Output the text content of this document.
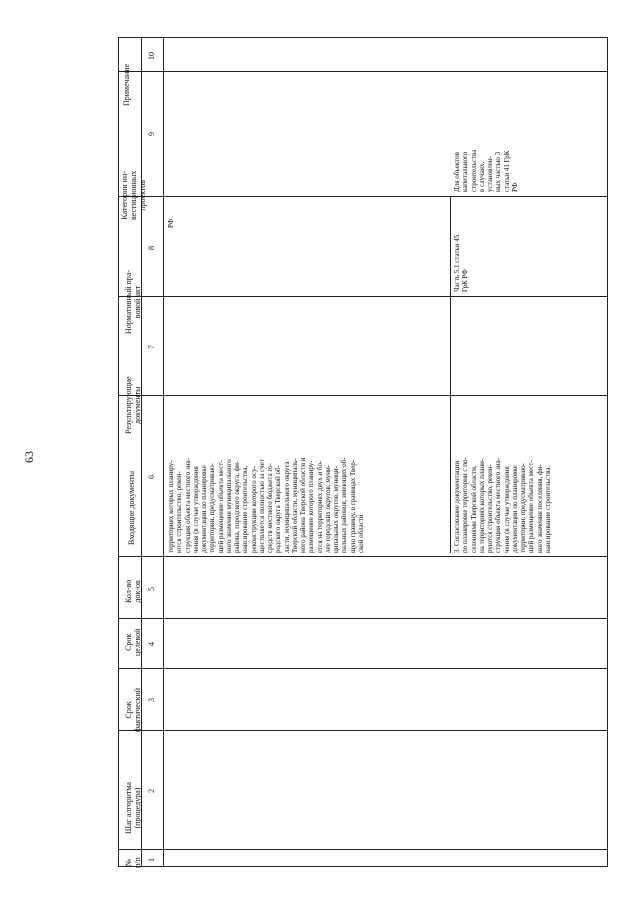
63
Примечание
Категории ин- вестиционных проектов
Нормативный пра- вовой акт
Результирующие документы
Входящие документы
Кол-во док-ов
Срок целевой
Срок фактический
Шаг алгоритма (процедура)
№ п/п
10
9
8
7
6
5
4
3
2
1
территориях которых планиру- ются строительство, рекон- струкция объекта местного зна- чения (в случае утверждения документации по планировке территории, предусматриваю- щей размещение объекта мест- ного значения муниципального района, городского округа, фи- нансирование строительства, реконструкции которого осу- ществляется полностью за счет средств местного бюджета го- родского округа Тверской об- ласти, муниципального округа Тверской области, муниципаль- ного района Тверской области и размещение которого планиру- ется на территориях двух и бо- лее городских округов, муни- ципальных округов, муници- пальных районов, имеющих об- щую границу, в границах Твер- ской области
РФ
3. Согласование документации по планировке территории с по- селениями Тверской области, на территориях которых плани- руются строительство, рекон- струкция объекта местного зна- чения (в случае утверждения документации по планировке территории, предусматриваю- щей размещение объекта мест- ного значения поселения, фи- нансирование строительства,
Часть 5.1 статьи 45 ГрК РФ
Для объектов капитального строительства в случаях, установлен- ных частью 3 статьи 41 ГрК РФ
